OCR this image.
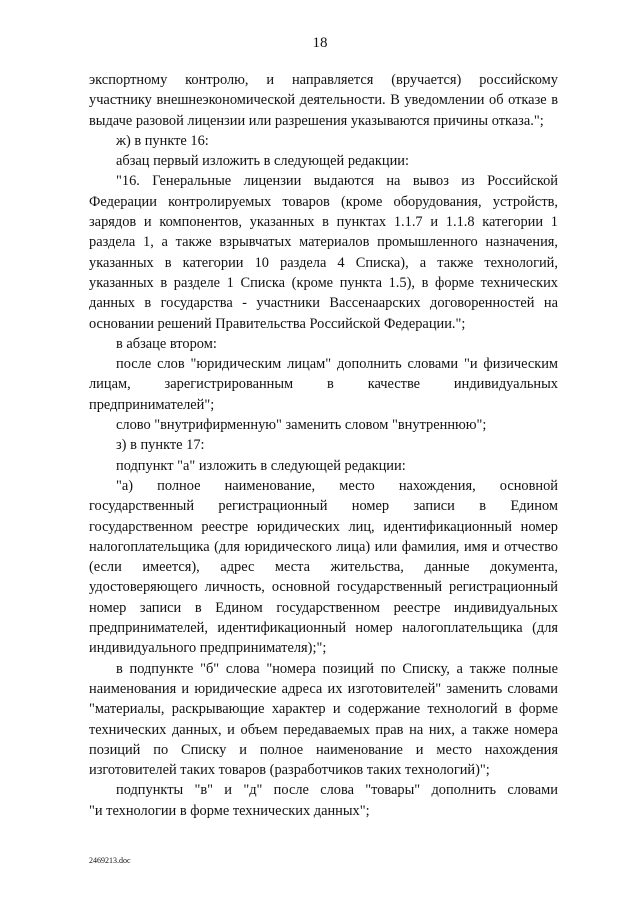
18
экспортному контролю, и направляется (вручается) российскому
участнику внешнеэкономической деятельности. В уведомлении об отказе в
выдаче разовой лицензии или разрешения указываются причины отказа.";
ж) в пункте 16:
абзац первый изложить в следующей редакции:
"16. Генеральные лицензии выдаются на вывоз из Российской
Федерации контролируемых товаров (кроме оборудования, устройств,
зарядов и компонентов, указанных в пунктах 1.1.7 и 1.1.8 категории 1
раздела 1, а также взрывчатых материалов промышленного назначения,
указанных в категории 10 раздела 4 Списка), а также технологий,
указанных в разделе 1 Списка (кроме пункта 1.5), в форме технических
данных в государства - участники Вассенаарских договоренностей на
основании решений Правительства Российской Федерации.";
в абзаце втором:
после слов "юридическим лицам" дополнить словами "и физическим
лицам, зарегистрированным в качестве индивидуальных
предпринимателей";
слово "внутрифирменную" заменить словом "внутреннюю";
з) в пункте 17:
подпункт "а" изложить в следующей редакции:
"а) полное наименование, место нахождения, основной
государственный регистрационный номер записи в Едином
государственном реестре юридических лиц, идентификационный номер
налогоплательщика (для юридического лица) или фамилия, имя и отчество
(если имеется), адрес места жительства, данные документа,
удостоверяющего личность, основной государственный регистрационный
номер записи в Едином государственном реестре индивидуальных
предпринимателей, идентификационный номер налогоплательщика (для
индивидуального предпринимателя);";
в подпункте "б" слова "номера позиций по Списку, а также полные
наименования и юридические адреса их изготовителей" заменить словами
"материалы, раскрывающие характер и содержание технологий в форме
технических данных, и объем передаваемых прав на них, а также номера
позиций по Списку и полное наименование и место нахождения
изготовителей таких товаров (разработчиков таких технологий)";
подпункты "в" и "д" после слова "товары" дополнить словами
"и технологии в форме технических данных";
2469213.doc
